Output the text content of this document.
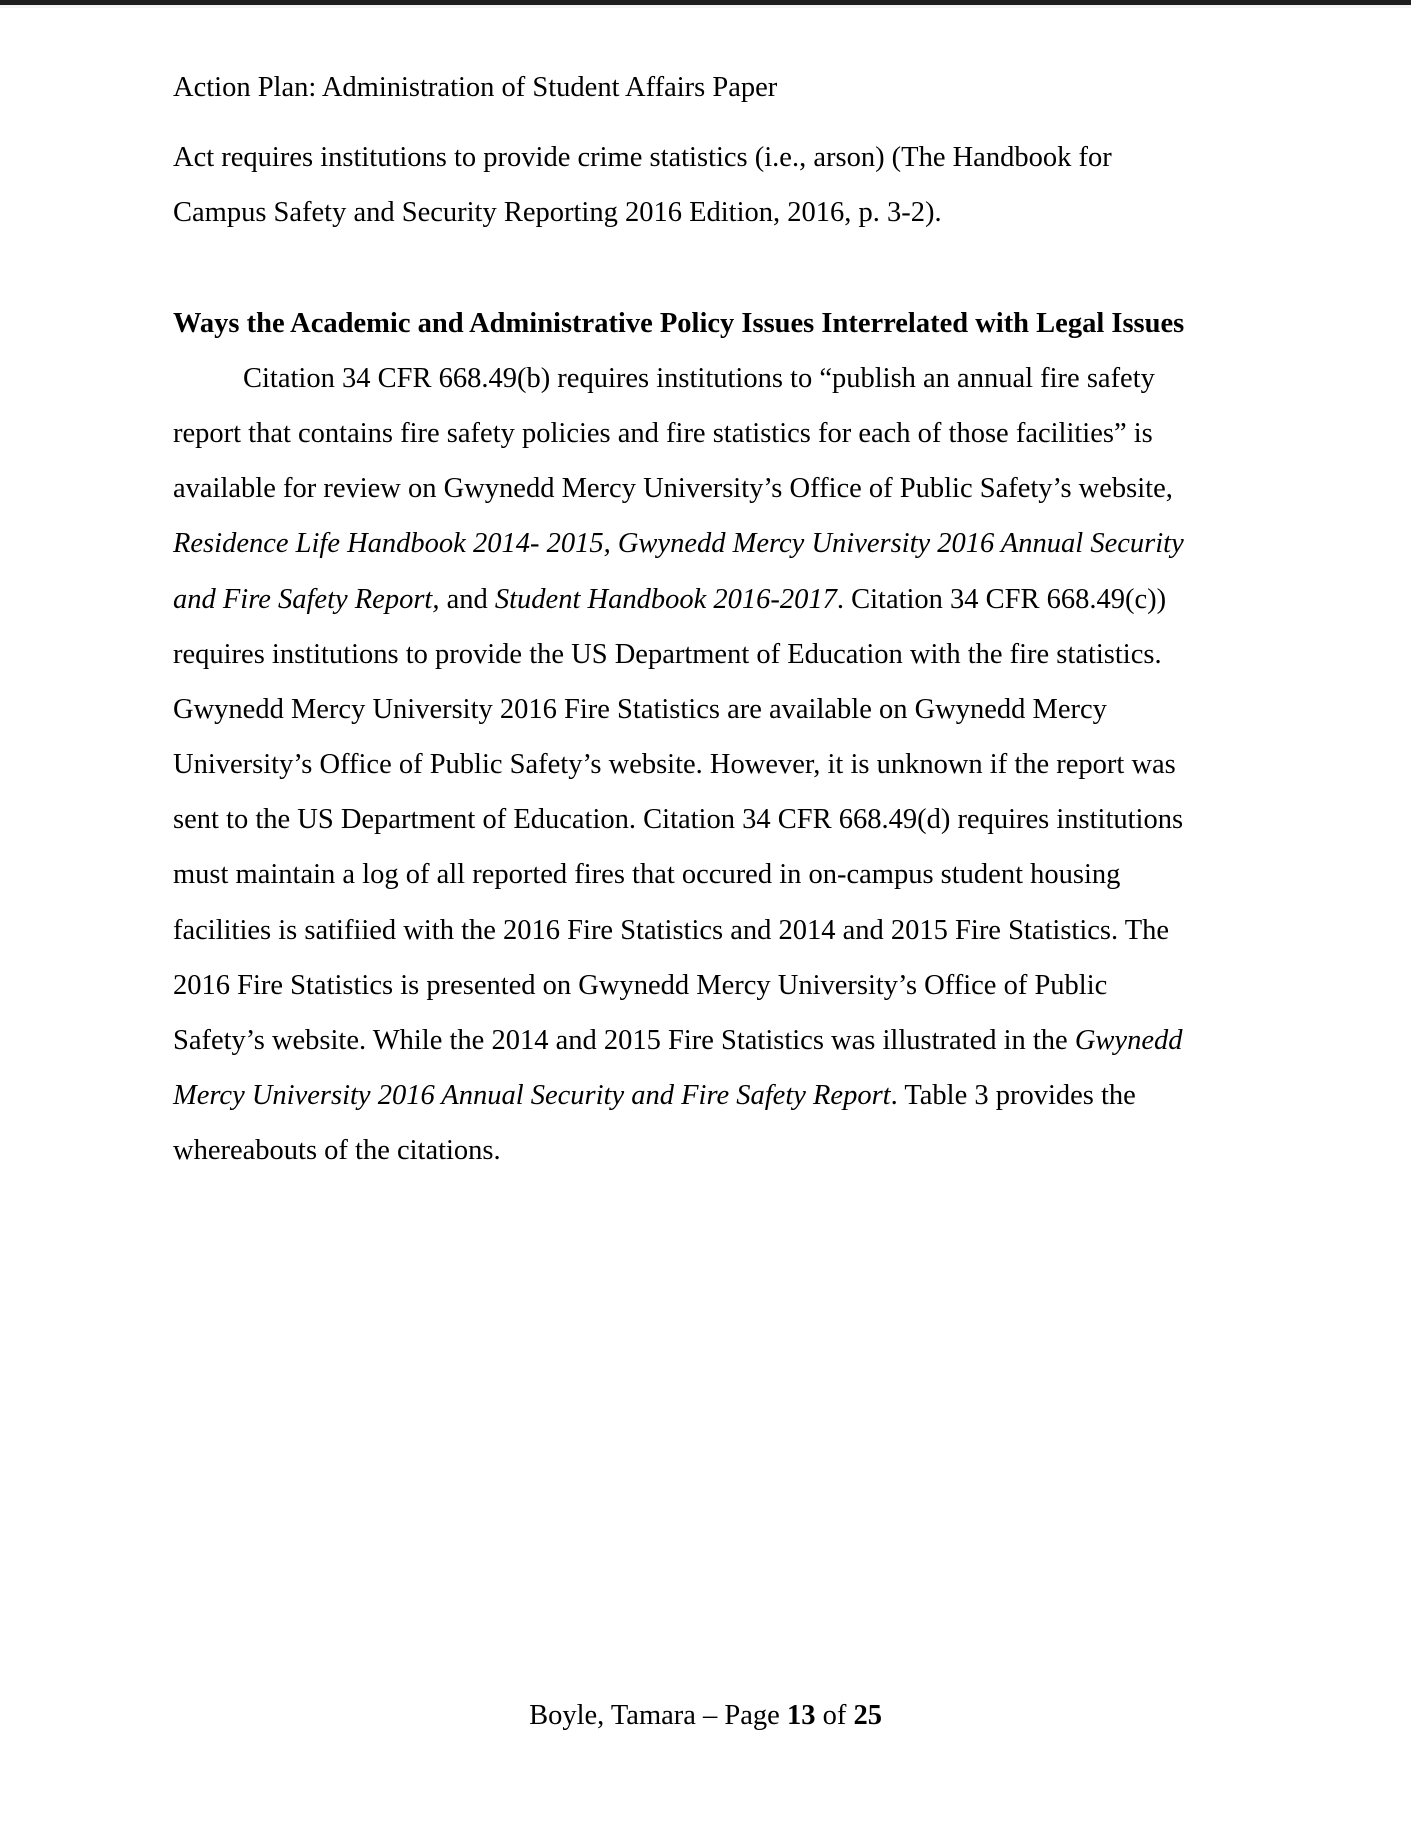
Action Plan: Administration of Student Affairs Paper
Act requires institutions to provide crime statistics (i.e., arson) (The Handbook for
Campus Safety and Security Reporting 2016 Edition, 2016, p. 3-2).
Ways the Academic and Administrative Policy Issues Interrelated with Legal Issues
Citation 34 CFR 668.49(b) requires institutions to “publish an annual fire safety
report that contains fire safety policies and fire statistics for each of those facilities” is
available for review on Gwynedd Mercy University’s Office of Public Safety’s website,
Residence Life Handbook 2014- 2015, Gwynedd Mercy University 2016 Annual Security
and Fire Safety Report, and Student Handbook 2016-2017. Citation 34 CFR 668.49(c))
requires institutions to provide the US Department of Education with the fire statistics.
Gwynedd Mercy University 2016 Fire Statistics are available on Gwynedd Mercy
University’s Office of Public Safety’s website. However, it is unknown if the report was
sent to the US Department of Education. Citation 34 CFR 668.49(d) requires institutions
must maintain a log of all reported fires that occured in on-campus student housing
facilities is satifiied with the 2016 Fire Statistics and 2014 and 2015 Fire Statistics. The
2016 Fire Statistics is presented on Gwynedd Mercy University’s Office of Public
Safety’s website. While the 2014 and 2015 Fire Statistics was illustrated in the Gwynedd
Mercy University 2016 Annual Security and Fire Safety Report. Table 3 provides the
whereabouts of the citations.
Boyle, Tamara – Page 13 of 25
